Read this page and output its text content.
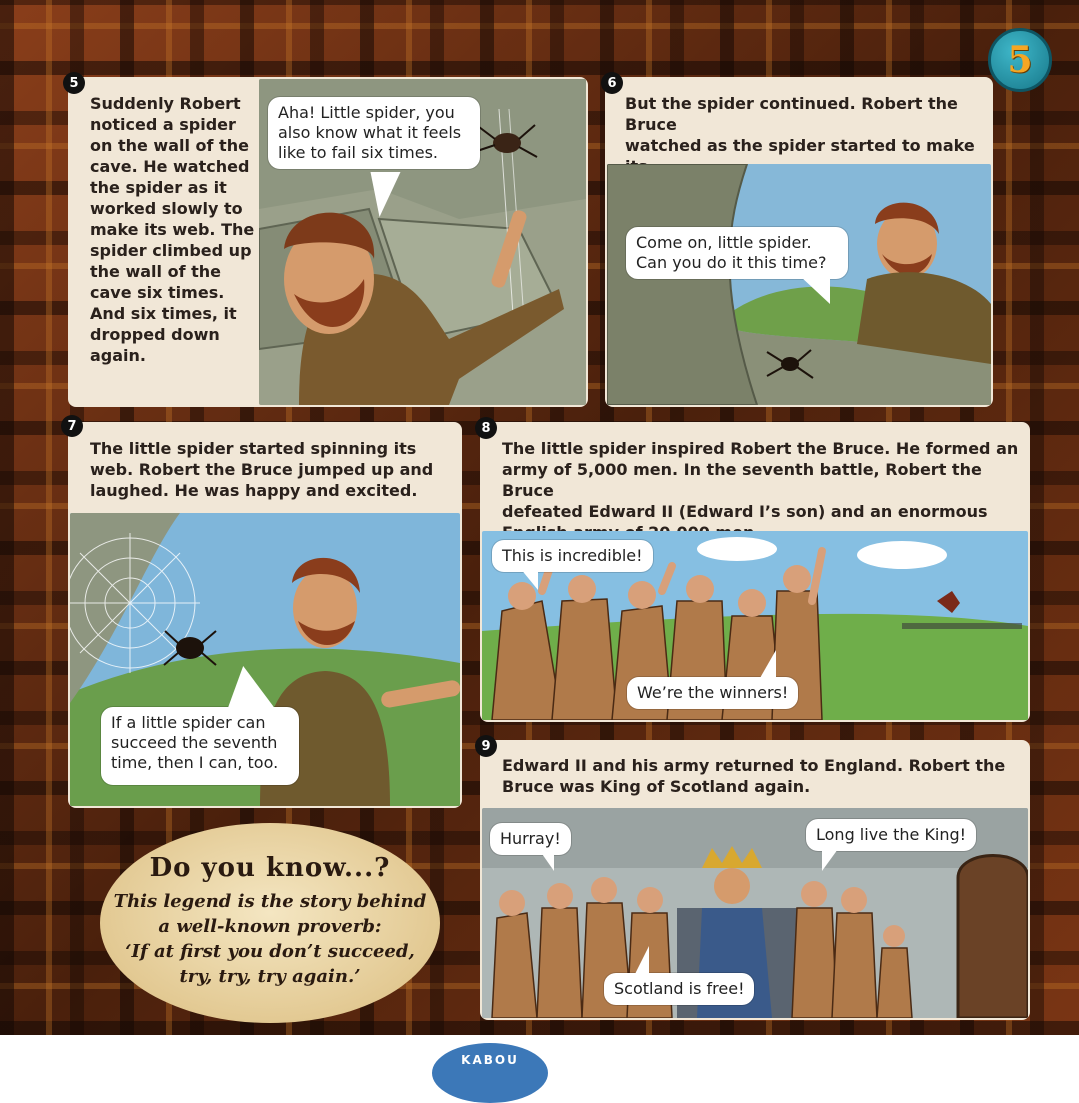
5
5
Suddenly Robert
noticed a spider
on the wall of the
cave. He watched
the spider as it
worked slowly to
make its web. The
spider climbed up
the wall of the
cave six times.
And six times, it
dropped down
again.
Aha! Little spider, you
also know what it feels
like to fail six times.
6
But the spider continued. Robert the Bruce
watched as the spider started to make

Come on, little spider.
Can you do it this time?
7
The little spider started spinning its
web. Robert the Bruce jumped up and
laughed. He was happy and excited.
If a little spider can
succeed the seventh
time, then I can, too.
8
The little spider inspired Robert the Bruce. He formed an
army of 5,000 men. In the seventh battle, Robert the Bruce
defeated Edward II (Edward I’s son) and an enormous

This is incredible!
We’re the winners!
9
Edward II and his army returned to England. Robert the
Bruce was King of Scotland again.
Hurray!	Long live the King!
Scotland is free!
Do you know...?

This legend is the story behind
a well-known proverb:
‘If at first you don’t succeed,
try, try, try again.’

KABOU
